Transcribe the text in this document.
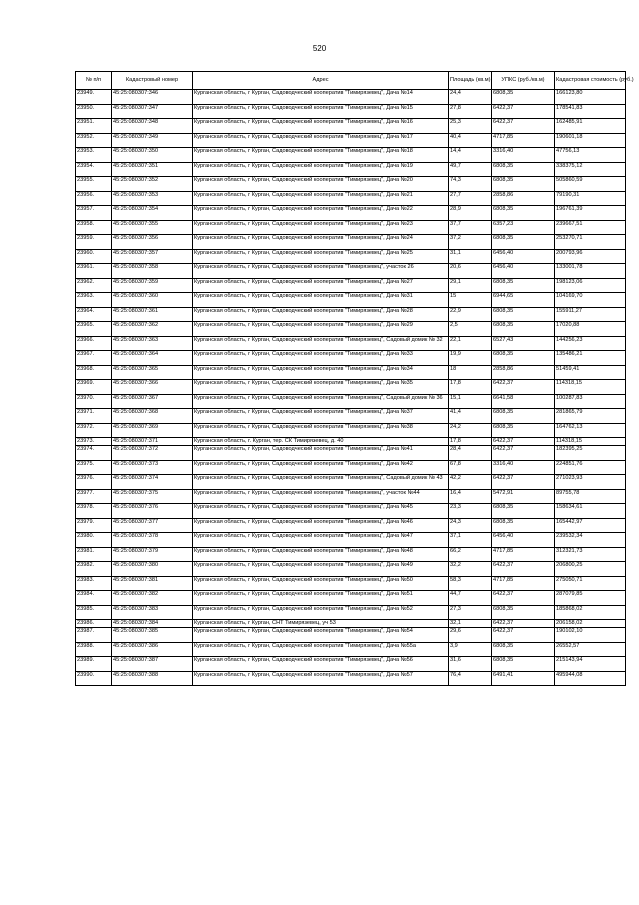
520
№ п/п	Кадастровый номер	Адрес	Площадь (кв.м)	УПКС (руб./кв.м)	Кадастровая стоимость (руб.)
23949.	45:25:080307:346	Курганская область, г Курган, Садоводческий кооператив "Тимирязевец", Дача №14	24,4	6808,35	166123,80
23950.	45:25:080307:347	Курганская область, г Курган, Садоводческий кооператив "Тимирязевец", Дача №15	27,8	6422,37	178541,83
23951.	45:25:080307:348	Курганская область, г Курган, Садоводческий кооператив "Тимирязевец", Дача №16	25,3	6422,37	162485,91
23952.	45:25:080307:349	Курганская область, г Курган, Садоводческий кооператив "Тимирязевец", Дача №17	40,4	4717,85	190601,18
23953.	45:25:080307:350	Курганская область, г Курган, Садоводческий кооператив "Тимирязевец", Дача №18	14,4	3316,40	47756,13
23954.	45:25:080307:351	Курганская область, г Курган, Садоводческий кооператив "Тимирязевец", Дача №19	49,7	6808,35	338375,12
23955.	45:25:080307:352	Курганская область, г Курган, Садоводческий кооператив "Тимирязевец", Дача №20	74,3	6808,35	505860,59
23956.	45:25:080307:353	Курганская область, г Курган, Садоводческий кооператив "Тимирязевец", Дача №21	27,7	2858,86	79190,31
23957.	45:25:080307:354	Курганская область, г Курган, Садоводческий кооператив "Тимирязевец", Дача №22	28,9	6808,35	196761,39
23958.	45:25:080307:355	Курганская область, г Курган, Садоводческий кооператив "Тимирязевец", Дача №23	37,7	6357,23	239667,51
23959.	45:25:080307:356	Курганская область, г Курган, Садоводческий кооператив "Тимирязевец", Дача №24	37,2	6808,35	253270,71
23960.	45:25:080307:357	Курганская область, г Курган, Садоводческий кооператив "Тимирязевец", Дача №25	31,1	6456,40	200793,96
23961.	45:25:080307:358	Курганская область, г Курган, Садоводческий кооператив "Тимирязевец", участок 26	20,6	6456,40	133001,78
23962.	45:25:080307:359	Курганская область, г Курган, Садоводческий кооператив "Тимирязевец", Дача №27	29,1	6808,35	198123,06
23963.	45:25:080307:360	Курганская область, г Курган, Садоводческий кооператив "Тимирязевец", Дача №31	15	6944,65	104169,70
23964.	45:25:080307:361	Курганская область, г Курган, Садоводческий кооператив "Тимирязевец", Дача №28	22,9	6808,35	155911,27
23965.	45:25:080307:362	Курганская область, г Курган, Садоводческий кооператив "Тимирязевец", Дача №29	2,5	6808,35	17020,88
23966.	45:25:080307:363	Курганская область, г Курган, Садоводческий кооператив "Тимирязевец", Садовый домик № 32	22,1	6527,43	144256,23
23967.	45:25:080307:364	Курганская область, г Курган, Садоводческий кооператив "Тимирязевец", Дача №33	19,9	6808,35	135486,21
23968.	45:25:080307:365	Курганская область, г Курган, Садоводческий кооператив "Тимирязевец", Дача №34	18	2858,86	51459,41
23969.	45:25:080307:366	Курганская область, г Курган, Садоводческий кооператив "Тимирязевец", Дача №35	17,8	6422,37	114318,15
23970.	45:25:080307:367	Курганская область, г Курган, Садоводческий кооператив "Тимирязевец", Садовый домик № 36	15,1	6641,58	100287,83
23971.	45:25:080307:368	Курганская область, г Курган, Садоводческий кооператив "Тимирязевец", Дача №37	41,4	6808,35	281865,79
23972.	45:25:080307:369	Курганская область, г Курган, Садоводческий кооператив "Тимирязевец", Дача №38	24,2	6808,35	164762,13
23973.	45:25:080307:371	Курганская область, г. Курган, тер. СК Тимирязевец, д. 40	17,8	6422,37	114318,15
23974.	45:25:080307:372	Курганская область, г Курган, Садоводческий кооператив "Тимирязевец", Дача №41	28,4	6422,37	182395,25
23975.	45:25:080307:373	Курганская область, г Курган, Садоводческий кооператив "Тимирязевец", Дача №42	67,8	3316,40	224851,76
23976.	45:25:080307:374	Курганская область, г Курган, Садоводческий кооператив "Тимирязевец", Садовый домик № 43	42,2	6422,37	271023,93
23977.	45:25:080307:375	Курганская область, г Курган, Садоводческий кооператив "Тимирязевец", участок №44	16,4	5472,91	89755,78
23978.	45:25:080307:376	Курганская область, г Курган, Садоводческий кооператив "Тимирязевец", Дача №45	23,3	6808,35	158634,61
23979.	45:25:080307:377	Курганская область, г Курган, Садоводческий кооператив "Тимирязевец", Дача №46	24,3	6808,35	165442,97
23980.	45:25:080307:378	Курганская область, г Курган, Садоводческий кооператив "Тимирязевец", Дача №47	37,1	6456,40	239532,34
23981.	45:25:080307:379	Курганская область, г Курган, Садоводческий кооператив "Тимирязевец", Дача №48	66,2	4717,85	312321,73
23982.	45:25:080307:380	Курганская область, г Курган, Садоводческий кооператив "Тимирязевец", Дача №49	32,2	6422,37	206800,25
23983.	45:25:080307:381	Курганская область, г Курган, Садоводческий кооператив "Тимирязевец", Дача №50	58,3	4717,85	275050,71
23984.	45:25:080307:382	Курганская область, г Курган, Садоводческий кооператив "Тимирязевец", Дача №51	44,7	6422,37	287079,85
23985.	45:25:080307:383	Курганская область, г Курган, Садоводческий кооператив "Тимирязевец", Дача №52	27,3	6808,35	185868,02
23986.	45:25:080307:384	Курганская область, г Курган, СНТ Тимирязевец, уч 53	32,1	6422,37	206158,02
23987.	45:25:080307:385	Курганская область, г Курган, Садоводческий кооператив "Тимирязевец", Дача №54	29,6	6422,37	190102,10
23988.	45:25:080307:386	Курганская область, г Курган, Садоводческий кооператив "Тимирязевец", Дача №55а	3,9	6808,35	26552,57
23989.	45:25:080307:387	Курганская область, г Курган, Садоводческий кооператив "Тимирязевец", Дача №56	31,6	6808,35	215143,94
23990.	45:25:080307:388	Курганская область, г Курган, Садоводческий кооператив "Тимирязевец", Дача №57	76,4	6491,41	495944,08
